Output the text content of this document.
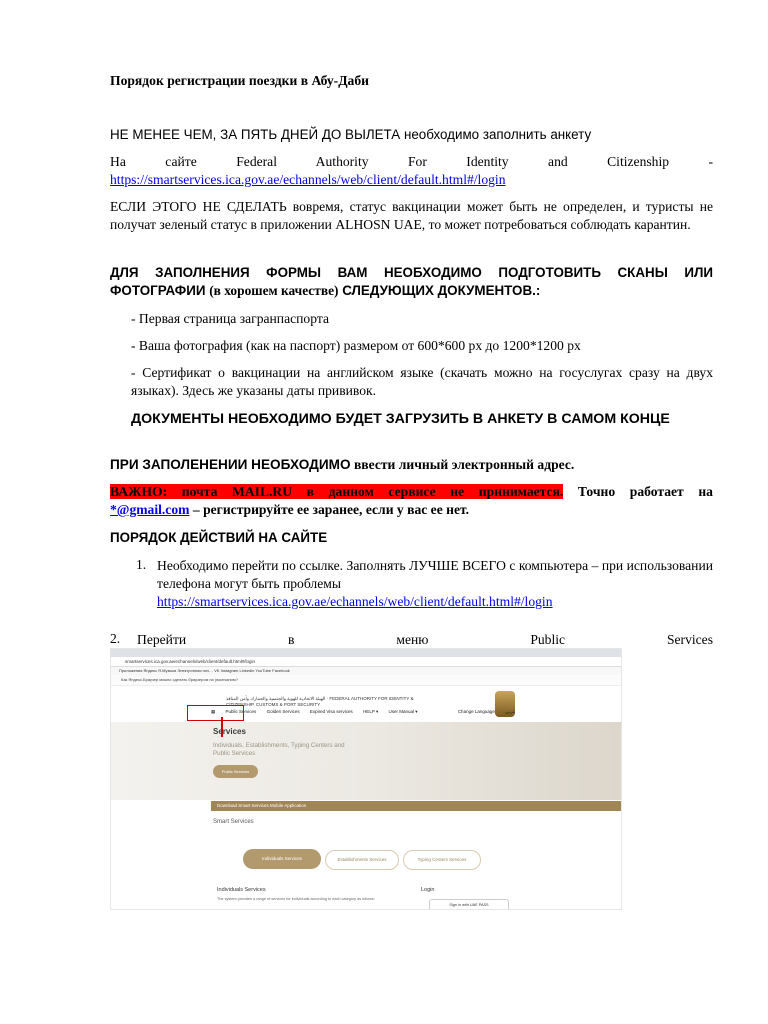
Порядок регистрации поездки в Абу-Даби
НЕ МЕНЕЕ ЧЕМ, ЗА ПЯТЬ ДНЕЙ ДО ВЫЛЕТА необходимо заполнить анкету
На сайте Federal Authority For Identity and Citizenship -
https://smartservices.ica.gov.ae/echannels/web/client/default.html#/login
ЕСЛИ ЭТОГО НЕ СДЕЛАТЬ вовремя, статус вакцинации может быть не определен, и туристы не получат зеленый статус в приложении ALHOSN UAE, то может потребоваться соблюдать карантин.
ДЛЯ ЗАПОЛНЕНИЯ ФОРМЫ ВАМ НЕОБХОДИМО ПОДГОТОВИТЬ СКАНЫ ИЛИ ФОТОГРАФИИ (в хорошем качестве) СЛЕДУЮЩИХ ДОКУМЕНТОВ.:
- Первая страница загранпаспорта
- Ваша фотография (как на паспорт) размером от 600*600 px до 1200*1200 px
- Сертификат о вакцинации на английском языке (скачать можно на госуслугах сразу на двух языках). Здесь же указаны даты прививок.
ДОКУМЕНТЫ НЕОБХОДИМО БУДЕТ ЗАГРУЗИТЬ В АНКЕТУ В САМОМ КОНЦЕ
ПРИ ЗАПОЛЕНЕНИИ НЕОБХОДИМО ввести личный электронный адрес.
ВАЖНО: почта MAIL.RU в данном сервисе не принимается. Точно работает на
*@gmail.com – регистрируйте ее заранее, если у вас ее нет.
ПОРЯДОК ДЕЙСТВИЙ НА САЙТЕ
1. Необходимо перейти по ссылке. Заполнять ЛУЧШЕ ВСЕГО с компьютера – при использовании телефона могут быть проблемы
https://smartservices.ica.gov.ae/echannels/web/client/default.html#/login
2. Перейти в меню Public Services
smartservices.ica.gov.ae/echannels/web/client/default.html#/login
Приложения Яндекс Я.Музыка Электронная поч… VK Instagram Linkedin YouTube Facebook
Как Яндекс.Браузер можно сделать браузером по умолчанию?
الهيئة الاتحادية للهوية والجنسية والجمارك وأمن المنافذ · FEDERAL AUTHORITY FOR IDENTITY & CITIZENSHIP, CUSTOMS & PORT SECURITY
▦ Public Services Golden Services Expired Visa services HELP ▾ User Manual ▾	Change Language عربي
Services
Individuals, Establishments, Typing Centers and Public Services
Public Services
Download Smart Services Mobile Application
Smart Services
Individuals Services	Establishments Services	Typing Centers Services
Individuals Services
The system provides a range of services for individuals according to each category as follows:
Login
Sign in with UAE PASS
